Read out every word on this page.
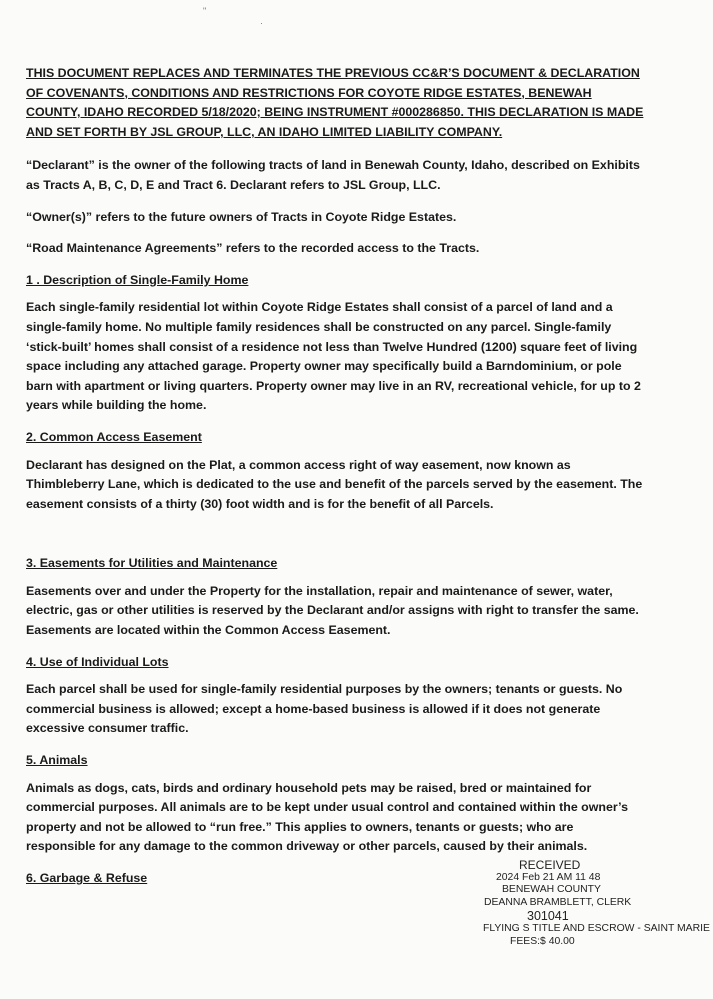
ʺ
·

THIS DOCUMENT REPLACES AND TERMINATES THE PREVIOUS CC&R’S DOCUMENT & DECLARATION OF COVENANTS, CONDITIONS AND RESTRICTIONS FOR COYOTE RIDGE ESTATES, BENEWAH COUNTY, IDAHO RECORDED 5/18/2020; BEING INSTRUMENT #000286850. THIS DECLARATION IS MADE AND SET FORTH BY JSL GROUP, LLC, AN IDAHO LIMITED LIABILITY COMPANY.

“Declarant” is the owner of the following tracts of land in Benewah County, Idaho, described on Exhibits as Tracts A, B, C, D, E and Tract 6. Declarant refers to JSL Group, LLC.

“Owner(s)” refers to the future owners of Tracts in Coyote Ridge Estates.

“Road Maintenance Agreements” refers to the recorded access to the Tracts.

1 . Description of Single-Family Home

Each single-family residential lot within Coyote Ridge Estates shall consist of a parcel of land and a single-family home. No multiple family residences shall be constructed on any parcel. Single-family ‘stick-built’ homes shall consist of a residence not less than Twelve Hundred (1200) square feet of living space including any attached garage. Property owner may specifically build a Barndominium, or pole barn with apartment or living quarters. Property owner may live in an RV, recreational vehicle, for up to 2 years while building the home.

2. Common Access Easement

Declarant has designed on the Plat, a common access right of way easement, now known as Thimbleberry Lane, which is dedicated to the use and benefit of the parcels served by the easement. The easement consists of a thirty (30) foot width and is for the benefit of all Parcels.

3. Easements for Utilities and Maintenance

Easements over and under the Property for the installation, repair and maintenance of sewer, water, electric, gas or other utilities is reserved by the Declarant and/or assigns with right to transfer the same. Easements are located within the Common Access Easement.

4. Use of Individual Lots

Each parcel shall be used for single-family residential purposes by the owners; tenants or guests. No commercial business is allowed; except a home-based business is allowed if it does not generate excessive consumer traffic.

5. Animals

Animals as dogs, cats, birds and ordinary household pets may be raised, bred or maintained for commercial purposes. All animals are to be kept under usual control and contained within the owner’s property and not be allowed to “run free.” This applies to owners, tenants or guests; who are responsible for any damage to the common driveway or other parcels, caused by their animals.

6. Garbage & Refuse

RECEIVED
2024 Feb 21 AM 11 48
BENEWAH COUNTY
DEANNA BRAMBLETT, CLERK
301041
FLYING S TITLE AND ESCROW - SAINT MARIE
FEES:$ 40.00
